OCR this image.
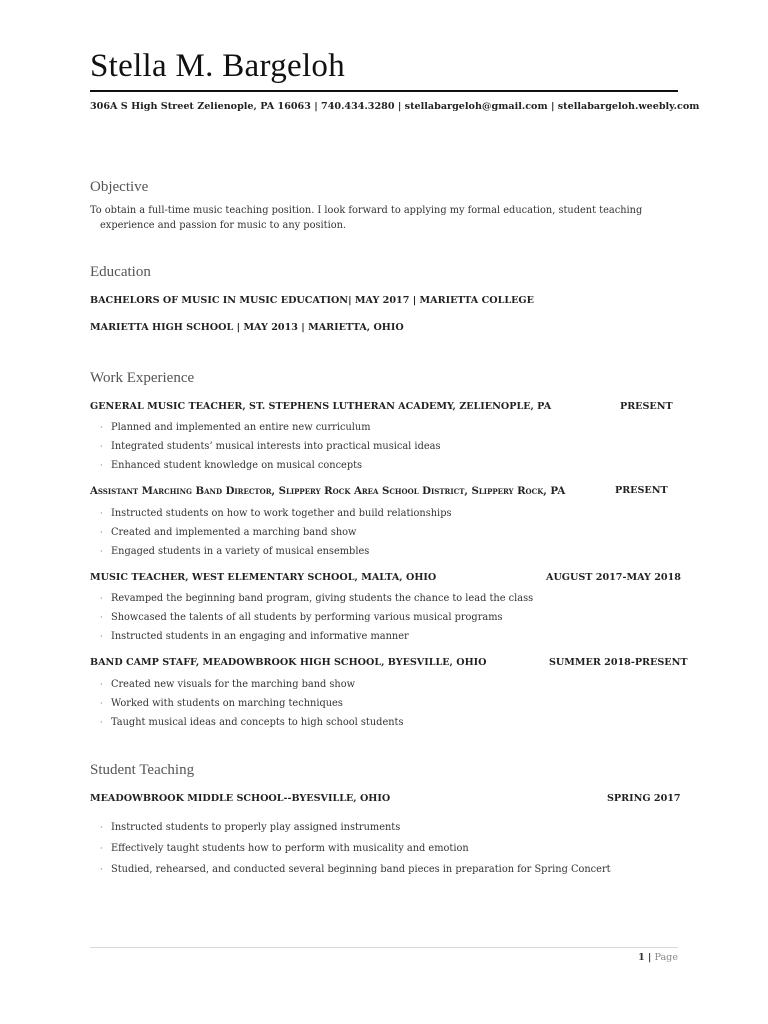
Stella M. Bargeloh
306A S High Street Zelienople, PA 16063 | 740.434.3280 | stellabargeloh@gmail.com | stellabargeloh.weebly.com
Objective
To obtain a full-time music teaching position. I look forward to applying my formal education, student teaching
experience and passion for music to any position.
Education
BACHELORS OF MUSIC IN MUSIC EDUCATION| MAY 2017 | MARIETTA COLLEGE
MARIETTA HIGH SCHOOL | MAY 2013 | MARIETTA, OHIO
Work Experience
GENERAL MUSIC TEACHER, ST. STEPHENS LUTHERAN ACADEMY, ZELIENOPLE, PA	PRESENT
· Planned and implemented an entire new curriculum
· Integrated students’ musical interests into practical musical ideas
· Enhanced student knowledge on musical concepts
Assistant Marching Band Director, Slippery Rock Area School District, Slippery Rock, PA	PRESENT
· Instructed students on how to work together and build relationships
· Created and implemented a marching band show
· Engaged students in a variety of musical ensembles
MUSIC TEACHER, WEST ELEMENTARY SCHOOL, MALTA, OHIO	AUGUST 2017-MAY 2018
· Revamped the beginning band program, giving students the chance to lead the class
· Showcased the talents of all students by performing various musical programs
· Instructed students in an engaging and informative manner
BAND CAMP STAFF, MEADOWBROOK HIGH SCHOOL, BYESVILLE, OHIO	SUMMER 2018-PRESENT
· Created new visuals for the marching band show
· Worked with students on marching techniques
· Taught musical ideas and concepts to high school students
Student Teaching
MEADOWBROOK MIDDLE SCHOOL--BYESVILLE, OHIO	SPRING 2017
· Instructed students to properly play assigned instruments
· Effectively taught students how to perform with musicality and emotion
· Studied, rehearsed, and conducted several beginning band pieces in preparation for Spring Concert
1 | Page
